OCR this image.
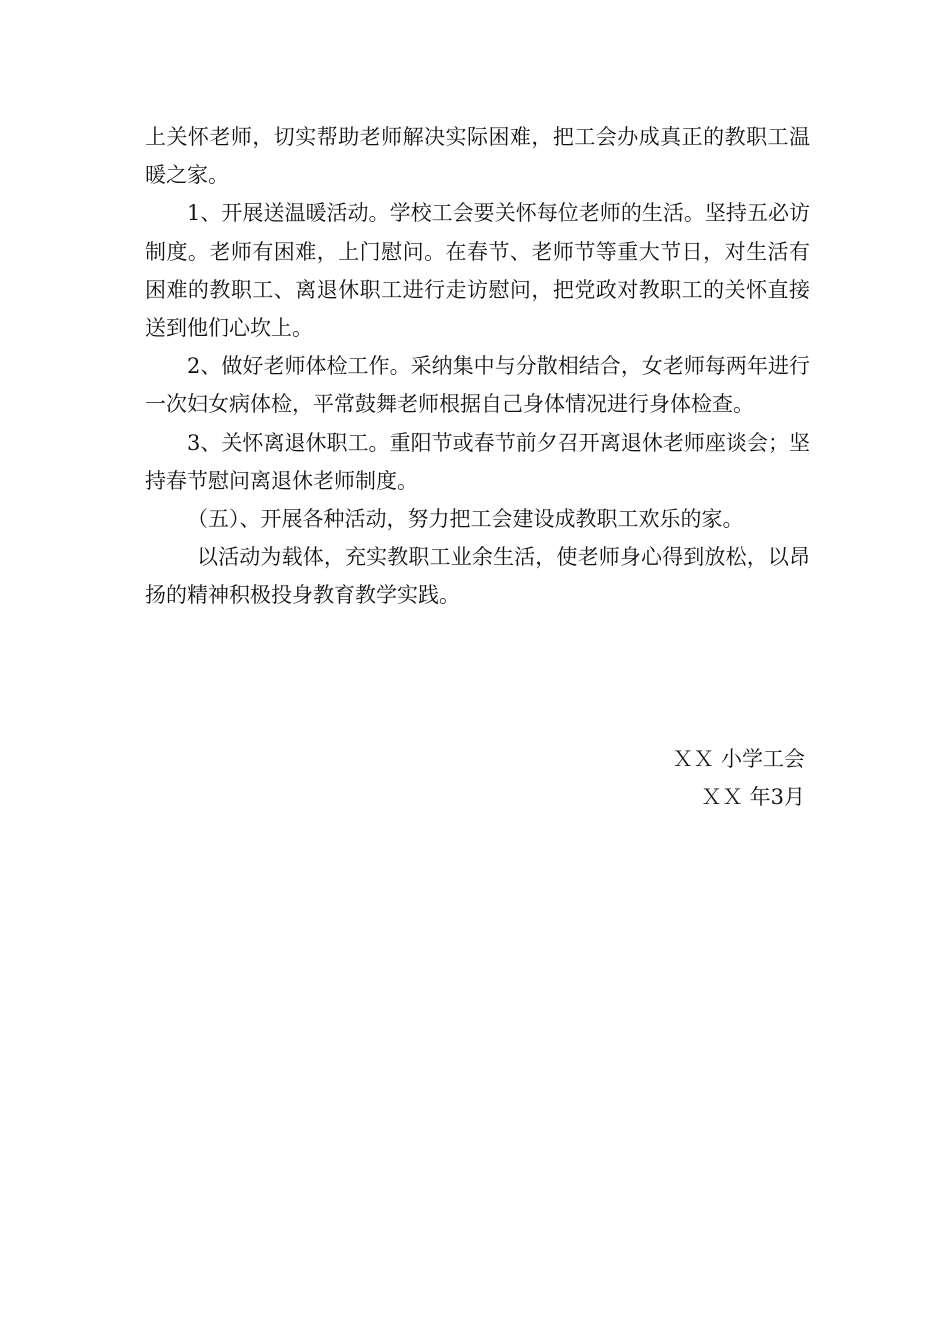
上关怀老师，切实帮助老师解决实际困难，把工会办成真正的教职工温暖之家。

1、开展送温暖活动。学校工会要关怀每位老师的生活。坚持五必访制度。老师有困难，上门慰问。在春节、老师节等重大节日，对生活有困难的教职工、离退休职工进行走访慰问，把党政对教职工的关怀直接送到他们心坎上。

2、做好老师体检工作。采纳集中与分散相结合，女老师每两年进行一次妇女病体检，平常鼓舞老师根据自己身体情况进行身体检查。

3、关怀离退休职工。重阳节或春节前夕召开离退休老师座谈会；坚持春节慰问离退休老师制度。

（五）、开展各种活动，努力把工会建设成教职工欢乐的家。

以活动为载体，充实教职工业余生活，使老师身心得到放松，以昂扬的精神积极投身教育教学实践。

ＸＸ 小学工会
ＸＸ 年3月
